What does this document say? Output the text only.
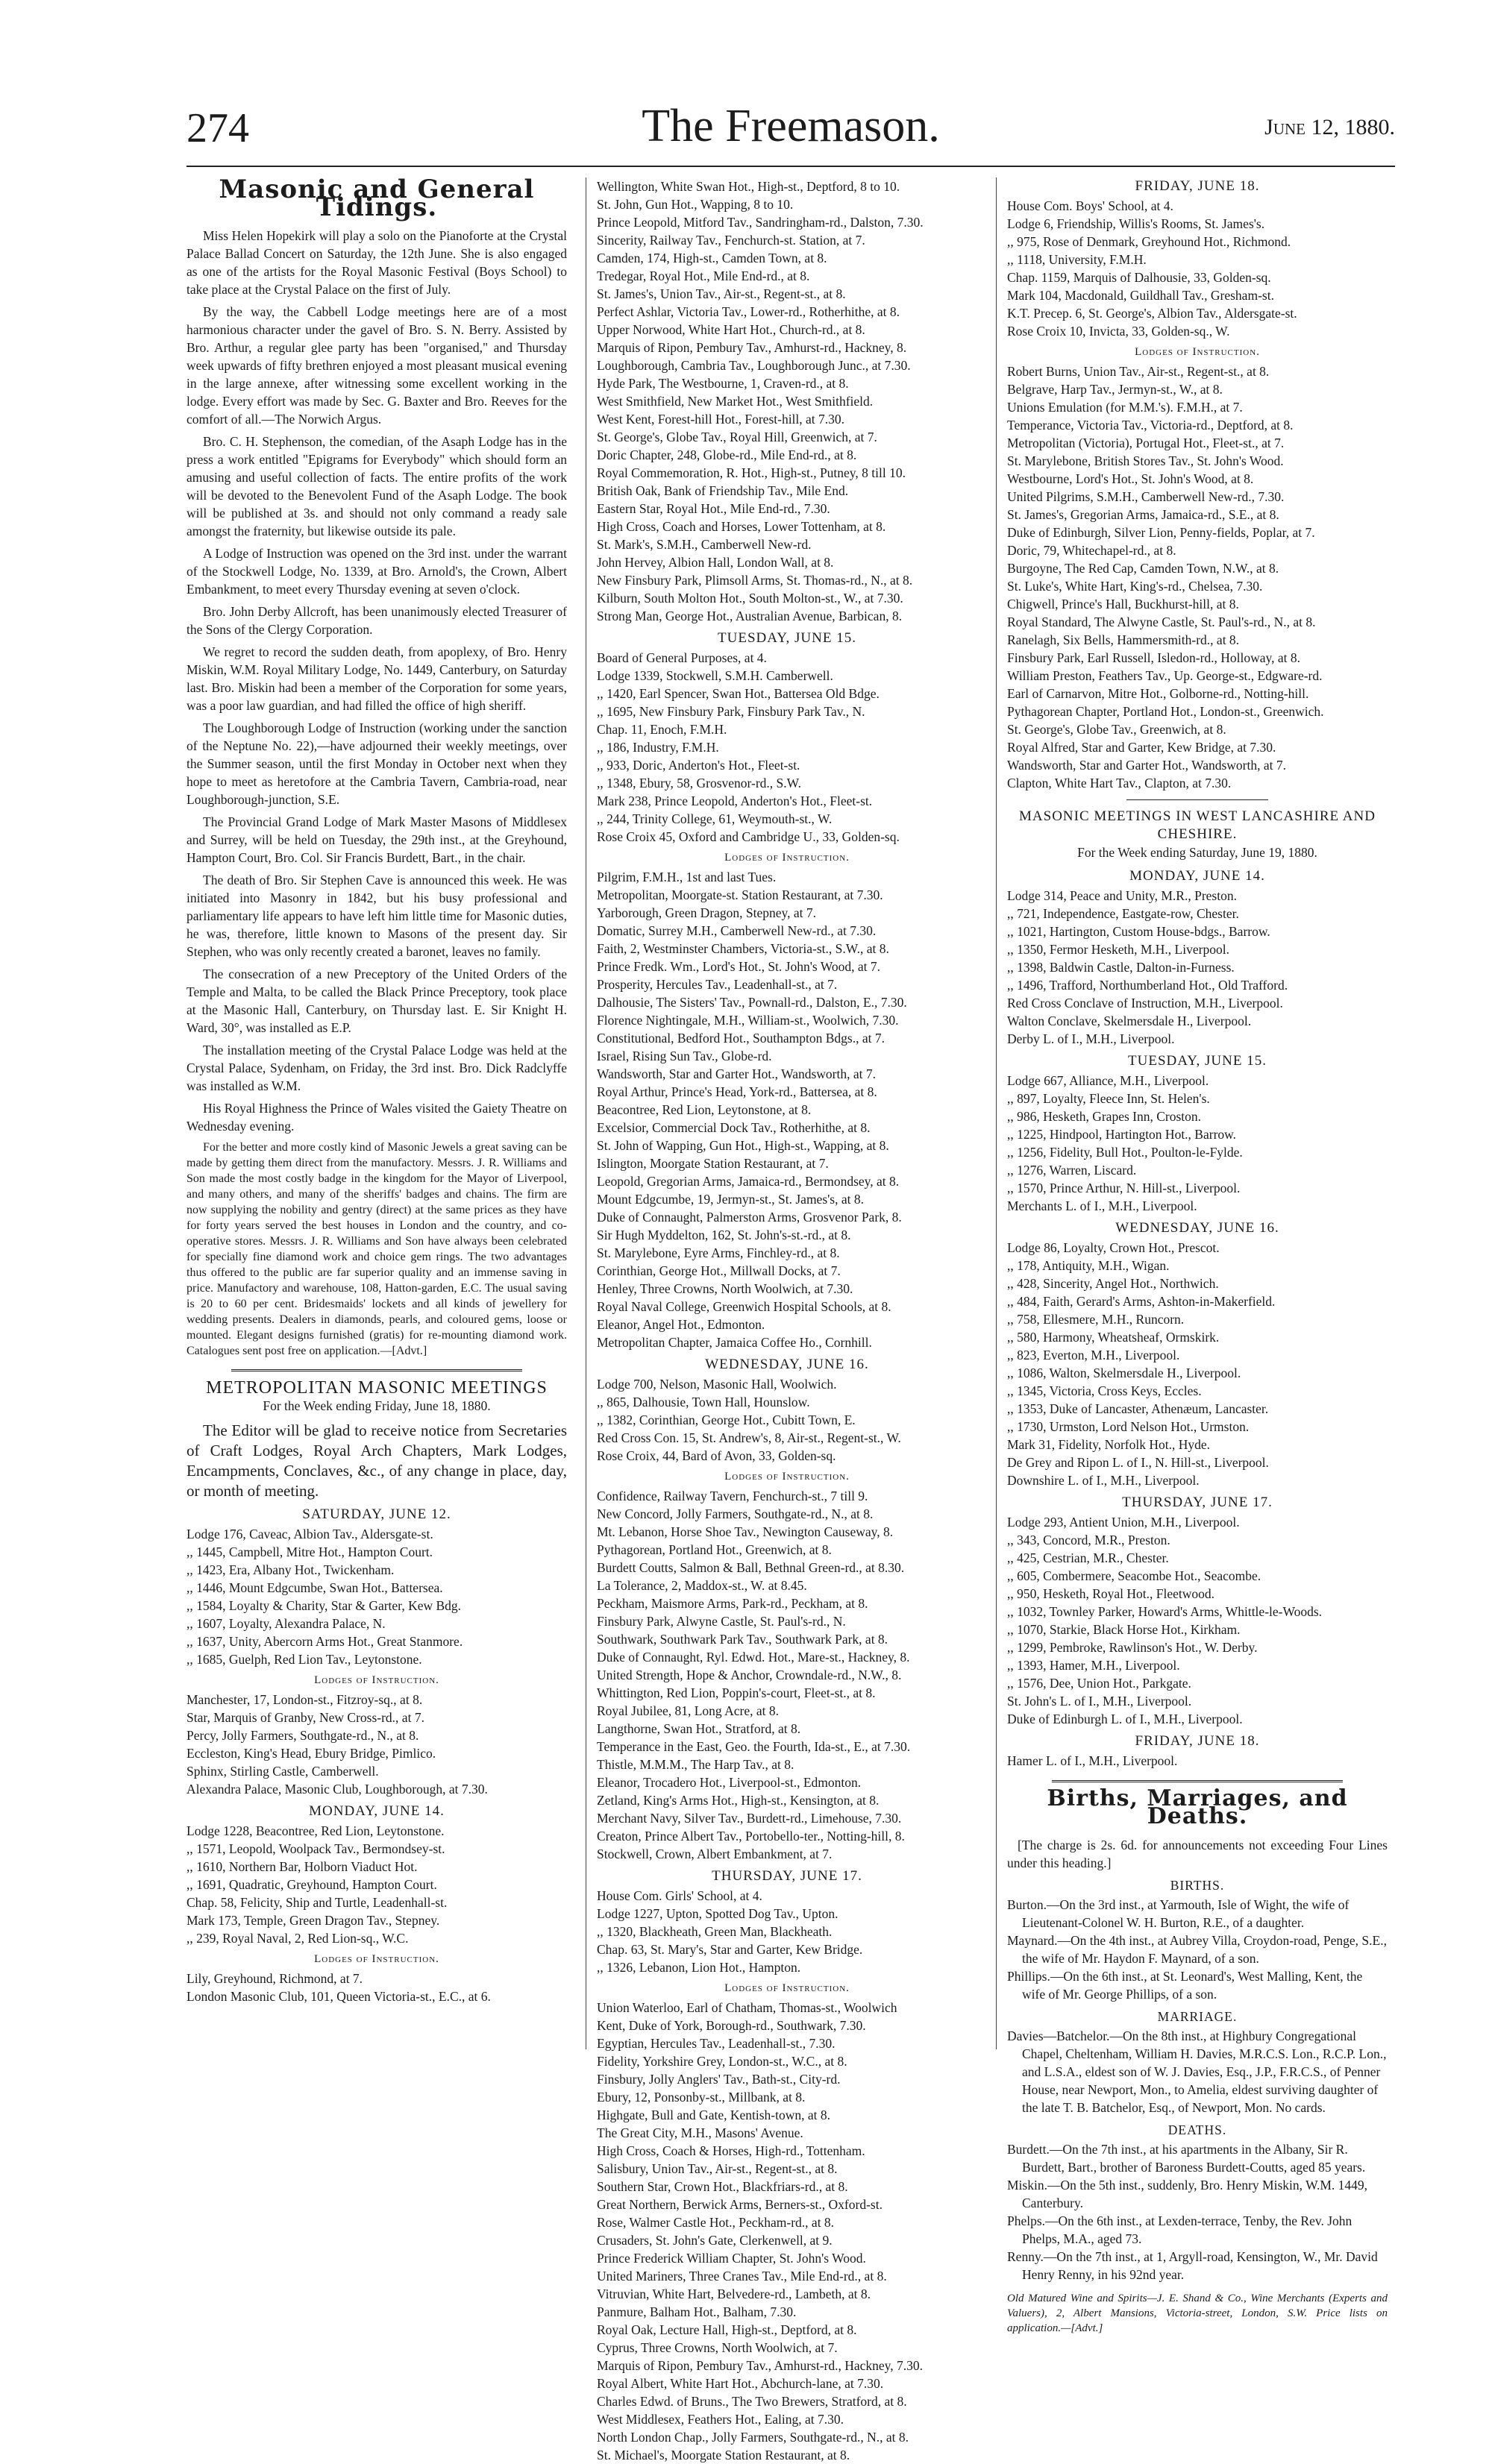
274	The Freemason.	June 12, 1880.
Masonic and General Tidings.

Miss Helen Hopekirk will play a solo on the Pianoforte at the Crystal Palace Ballad Concert on Saturday, the 12th June. She is also engaged as one of the artists for the Royal Masonic Festival (Boys School) to take place at the Crystal Palace on the first of July.

By the way, the Cabbell Lodge meetings here are of a most harmonious character under the gavel of Bro. S. N. Berry. Assisted by Bro. Arthur, a regular glee party has been "organised," and Thursday week upwards of fifty brethren enjoyed a most pleasant musical evening in the large annexe, after witnessing some excellent working in the lodge. Every effort was made by Sec. G. Baxter and Bro. Reeves for the comfort of all.—The Norwich Argus.

Bro. C. H. Stephenson, the comedian, of the Asaph Lodge has in the press a work entitled "Epigrams for Everybody" which should form an amusing and useful collection of facts. The entire profits of the work will be devoted to the Benevolent Fund of the Asaph Lodge. The book will be published at 3s. and should not only command a ready sale amongst the fraternity, but likewise outside its pale.

A Lodge of Instruction was opened on the 3rd inst. under the warrant of the Stockwell Lodge, No. 1339, at Bro. Arnold's, the Crown, Albert Embankment, to meet every Thursday evening at seven o'clock.

Bro. John Derby Allcroft, has been unanimously elected Treasurer of the Sons of the Clergy Corporation.

We regret to record the sudden death, from apoplexy, of Bro. Henry Miskin, W.M. Royal Military Lodge, No. 1449, Canterbury, on Saturday last. Bro. Miskin had been a member of the Corporation for some years, was a poor law guardian, and had filled the office of high sheriff.

The Loughborough Lodge of Instruction (working under the sanction of the Neptune No. 22),—have adjourned their weekly meetings, over the Summer season, until the first Monday in October next when they hope to meet as heretofore at the Cambria Tavern, Cambria-road, near Loughborough-junction, S.E.

The Provincial Grand Lodge of Mark Master Masons of Middlesex and Surrey, will be held on Tuesday, the 29th inst., at the Greyhound, Hampton Court, Bro. Col. Sir Francis Burdett, Bart., in the chair.

The death of Bro. Sir Stephen Cave is announced this week. He was initiated into Masonry in 1842, but his busy professional and parliamentary life appears to have left him little time for Masonic duties, he was, therefore, little known to Masons of the present day. Sir Stephen, who was only recently created a baronet, leaves no family.

The consecration of a new Preceptory of the United Orders of the Temple and Malta, to be called the Black Prince Preceptory, took place at the Masonic Hall, Canterbury, on Thursday last. E. Sir Knight H. Ward, 30°, was installed as E.P.

The installation meeting of the Crystal Palace Lodge was held at the Crystal Palace, Sydenham, on Friday, the 3rd inst. Bro. Dick Radclyffe was installed as W.M.

His Royal Highness the Prince of Wales visited the Gaiety Theatre on Wednesday evening.

For the better and more costly kind of Masonic Jewels a great saving can be made by getting them direct from the manufactory. Messrs. J. R. Williams and Son made the most costly badge in the kingdom for the Mayor of Liverpool, and many others, and many of the sheriffs' badges and chains. The firm are now supplying the nobility and gentry (direct) at the same prices as they have for forty years served the best houses in London and the country, and co-operative stores. Messrs. J. R. Williams and Son have always been celebrated for specially fine diamond work and choice gem rings. The two advantages thus offered to the public are far superior quality and an immense saving in price. Manufactory and warehouse, 108, Hatton-garden, E.C. The usual saving is 20 to 60 per cent. Bridesmaids' lockets and all kinds of jewellery for wedding presents. Dealers in diamonds, pearls, and coloured gems, loose or mounted. Elegant designs furnished (gratis) for re-mounting diamond work. Catalogues sent post free on application.—[Advt.]

METROPOLITAN MASONIC MEETINGS
For the Week ending Friday, June 18, 1880.

The Editor will be glad to receive notice from Secretaries of Craft Lodges, Royal Arch Chapters, Mark Lodges, Encampments, Conclaves, &c., of any change in place, day, or month of meeting.

SATURDAY, JUNE 12.

Lodge 176, Caveac, Albion Tav., Aldersgate-st.

,, 1445, Campbell, Mitre Hot., Hampton Court.

,, 1423, Era, Albany Hot., Twickenham.

,, 1446, Mount Edgcumbe, Swan Hot., Battersea.

,, 1584, Loyalty & Charity, Star & Garter, Kew Bdg.

,, 1607, Loyalty, Alexandra Palace, N.

,, 1637, Unity, Abercorn Arms Hot., Great Stanmore.

,, 1685, Guelph, Red Lion Tav., Leytonstone.

Lodges of Instruction.

Manchester, 17, London-st., Fitzroy-sq., at 8.

Star, Marquis of Granby, New Cross-rd., at 7.

Percy, Jolly Farmers, Southgate-rd., N., at 8.

Eccleston, King's Head, Ebury Bridge, Pimlico.

Sphinx, Stirling Castle, Camberwell.

Alexandra Palace, Masonic Club, Loughborough, at 7.30.

MONDAY, JUNE 14.

Lodge 1228, Beacontree, Red Lion, Leytonstone.

,, 1571, Leopold, Woolpack Tav., Bermondsey-st.

,, 1610, Northern Bar, Holborn Viaduct Hot.

,, 1691, Quadratic, Greyhound, Hampton Court.

Chap. 58, Felicity, Ship and Turtle, Leadenhall-st.

Mark 173, Temple, Green Dragon Tav., Stepney.

,, 239, Royal Naval, 2, Red Lion-sq., W.C.

Lodges of Instruction.

Lily, Greyhound, Richmond, at 7.

London Masonic Club, 101, Queen Victoria-st., E.C., at 6.

Wellington, White Swan Hot., High-st., Deptford, 8 to 10.

St. John, Gun Hot., Wapping, 8 to 10.

Prince Leopold, Mitford Tav., Sandringham-rd., Dalston, 7.30.

Sincerity, Railway Tav., Fenchurch-st. Station, at 7.

Camden, 174, High-st., Camden Town, at 8.

Tredegar, Royal Hot., Mile End-rd., at 8.

St. James's, Union Tav., Air-st., Regent-st., at 8.

Perfect Ashlar, Victoria Tav., Lower-rd., Rotherhithe, at 8.

Upper Norwood, White Hart Hot., Church-rd., at 8.

Marquis of Ripon, Pembury Tav., Amhurst-rd., Hackney, 8.

Loughborough, Cambria Tav., Loughborough Junc., at 7.30.

Hyde Park, The Westbourne, 1, Craven-rd., at 8.

West Smithfield, New Market Hot., West Smithfield.

West Kent, Forest-hill Hot., Forest-hill, at 7.30.

St. George's, Globe Tav., Royal Hill, Greenwich, at 7.

Doric Chapter, 248, Globe-rd., Mile End-rd., at 8.

Royal Commemoration, R. Hot., High-st., Putney, 8 till 10.

British Oak, Bank of Friendship Tav., Mile End.

Eastern Star, Royal Hot., Mile End-rd., 7.30.

High Cross, Coach and Horses, Lower Tottenham, at 8.

St. Mark's, S.M.H., Camberwell New-rd.

John Hervey, Albion Hall, London Wall, at 8.

New Finsbury Park, Plimsoll Arms, St. Thomas-rd., N., at 8.

Kilburn, South Molton Hot., South Molton-st., W., at 7.30.

Strong Man, George Hot., Australian Avenue, Barbican, 8.

TUESDAY, JUNE 15.

Board of General Purposes, at 4.

Lodge 1339, Stockwell, S.M.H. Camberwell.

,, 1420, Earl Spencer, Swan Hot., Battersea Old Bdge.

,, 1695, New Finsbury Park, Finsbury Park Tav., N.

Chap. 11, Enoch, F.M.H.

,, 186, Industry, F.M.H.

,, 933, Doric, Anderton's Hot., Fleet-st.

,, 1348, Ebury, 58, Grosvenor-rd., S.W.

Mark 238, Prince Leopold, Anderton's Hot., Fleet-st.

,, 244, Trinity College, 61, Weymouth-st., W.

Rose Croix 45, Oxford and Cambridge U., 33, Golden-sq.

Lodges of Instruction.

Pilgrim, F.M.H., 1st and last Tues.

Metropolitan, Moorgate-st. Station Restaurant, at 7.30.

Yarborough, Green Dragon, Stepney, at 7.

Domatic, Surrey M.H., Camberwell New-rd., at 7.30.

Faith, 2, Westminster Chambers, Victoria-st., S.W., at 8.

Prince Fredk. Wm., Lord's Hot., St. John's Wood, at 7.

Prosperity, Hercules Tav., Leadenhall-st., at 7.

Dalhousie, The Sisters' Tav., Pownall-rd., Dalston, E., 7.30.

Florence Nightingale, M.H., William-st., Woolwich, 7.30.

Constitutional, Bedford Hot., Southampton Bdgs., at 7.

Israel, Rising Sun Tav., Globe-rd.

Wandsworth, Star and Garter Hot., Wandsworth, at 7.

Royal Arthur, Prince's Head, York-rd., Battersea, at 8.

Beacontree, Red Lion, Leytonstone, at 8.

Excelsior, Commercial Dock Tav., Rotherhithe, at 8.

St. John of Wapping, Gun Hot., High-st., Wapping, at 8.

Islington, Moorgate Station Restaurant, at 7.

Leopold, Gregorian Arms, Jamaica-rd., Bermondsey, at 8.

Mount Edgcumbe, 19, Jermyn-st., St. James's, at 8.

Duke of Connaught, Palmerston Arms, Grosvenor Park, 8.

Sir Hugh Myddelton, 162, St. John's-st.-rd., at 8.

St. Marylebone, Eyre Arms, Finchley-rd., at 8.

Corinthian, George Hot., Millwall Docks, at 7.

Henley, Three Crowns, North Woolwich, at 7.30.

Royal Naval College, Greenwich Hospital Schools, at 8.

Eleanor, Angel Hot., Edmonton.

Metropolitan Chapter, Jamaica Coffee Ho., Cornhill.

WEDNESDAY, JUNE 16.

Lodge 700, Nelson, Masonic Hall, Woolwich.

,, 865, Dalhousie, Town Hall, Hounslow.

,, 1382, Corinthian, George Hot., Cubitt Town, E.

Red Cross Con. 15, St. Andrew's, 8, Air-st., Regent-st., W.

Rose Croix, 44, Bard of Avon, 33, Golden-sq.

Lodges of Instruction.

Confidence, Railway Tavern, Fenchurch-st., 7 till 9.

New Concord, Jolly Farmers, Southgate-rd., N., at 8.

Mt. Lebanon, Horse Shoe Tav., Newington Causeway, 8.

Pythagorean, Portland Hot., Greenwich, at 8.

Burdett Coutts, Salmon & Ball, Bethnal Green-rd., at 8.30.

La Tolerance, 2, Maddox-st., W. at 8.45.

Peckham, Maismore Arms, Park-rd., Peckham, at 8.

Finsbury Park, Alwyne Castle, St. Paul's-rd., N.

Southwark, Southwark Park Tav., Southwark Park, at 8.

Duke of Connaught, Ryl. Edwd. Hot., Mare-st., Hackney, 8.

United Strength, Hope & Anchor, Crowndale-rd., N.W., 8.

Whittington, Red Lion, Poppin's-court, Fleet-st., at 8.

Royal Jubilee, 81, Long Acre, at 8.

Langthorne, Swan Hot., Stratford, at 8.

Temperance in the East, Geo. the Fourth, Ida-st., E., at 7.30.

Thistle, M.M.M., The Harp Tav., at 8.

Eleanor, Trocadero Hot., Liverpool-st., Edmonton.

Zetland, King's Arms Hot., High-st., Kensington, at 8.

Merchant Navy, Silver Tav., Burdett-rd., Limehouse, 7.30.

Creaton, Prince Albert Tav., Portobello-ter., Notting-hill, 8.

Stockwell, Crown, Albert Embankment, at 7.

THURSDAY, JUNE 17.

House Com. Girls' School, at 4.

Lodge 1227, Upton, Spotted Dog Tav., Upton.

,, 1320, Blackheath, Green Man, Blackheath.

Chap. 63, St. Mary's, Star and Garter, Kew Bridge.

,, 1326, Lebanon, Lion Hot., Hampton.

Lodges of Instruction.

Union Waterloo, Earl of Chatham, Thomas-st., Woolwich

Kent, Duke of York, Borough-rd., Southwark, 7.30.

Egyptian, Hercules Tav., Leadenhall-st., 7.30.

Fidelity, Yorkshire Grey, London-st., W.C., at 8.

Finsbury, Jolly Anglers' Tav., Bath-st., City-rd.

Ebury, 12, Ponsonby-st., Millbank, at 8.

Highgate, Bull and Gate, Kentish-town, at 8.

The Great City, M.H., Masons' Avenue.

High Cross, Coach & Horses, High-rd., Tottenham.

Salisbury, Union Tav., Air-st., Regent-st., at 8.

Southern Star, Crown Hot., Blackfriars-rd., at 8.

Great Northern, Berwick Arms, Berners-st., Oxford-st.

Rose, Walmer Castle Hot., Peckham-rd., at 8.

Crusaders, St. John's Gate, Clerkenwell, at 9.

Prince Frederick William Chapter, St. John's Wood.

United Mariners, Three Cranes Tav., Mile End-rd., at 8.

Vitruvian, White Hart, Belvedere-rd., Lambeth, at 8.

Panmure, Balham Hot., Balham, 7.30.

Royal Oak, Lecture Hall, High-st., Deptford, at 8.

Cyprus, Three Crowns, North Woolwich, at 7.

Marquis of Ripon, Pembury Tav., Amhurst-rd., Hackney, 7.30.

Royal Albert, White Hart Hot., Abchurch-lane, at 7.30.

Charles Edwd. of Bruns., The Two Brewers, Stratford, at 8.

West Middlesex, Feathers Hot., Ealing, at 7.30.

North London Chap., Jolly Farmers, Southgate-rd., N., at 8.

St. Michael's, Moorgate Station Restaurant, at 8.

FRIDAY, JUNE 18.

House Com. Boys' School, at 4.

Lodge 6, Friendship, Willis's Rooms, St. James's.

,, 975, Rose of Denmark, Greyhound Hot., Richmond.

,, 1118, University, F.M.H.

Chap. 1159, Marquis of Dalhousie, 33, Golden-sq.

Mark 104, Macdonald, Guildhall Tav., Gresham-st.

K.T. Precep. 6, St. George's, Albion Tav., Aldersgate-st.

Rose Croix 10, Invicta, 33, Golden-sq., W.

Lodges of Instruction.

Robert Burns, Union Tav., Air-st., Regent-st., at 8.

Belgrave, Harp Tav., Jermyn-st., W., at 8.

Unions Emulation (for M.M.'s). F.M.H., at 7.

Temperance, Victoria Tav., Victoria-rd., Deptford, at 8.

Metropolitan (Victoria), Portugal Hot., Fleet-st., at 7.

St. Marylebone, British Stores Tav., St. John's Wood.

Westbourne, Lord's Hot., St. John's Wood, at 8.

United Pilgrims, S.M.H., Camberwell New-rd., 7.30.

St. James's, Gregorian Arms, Jamaica-rd., S.E., at 8.

Duke of Edinburgh, Silver Lion, Penny-fields, Poplar, at 7.

Doric, 79, Whitechapel-rd., at 8.

Burgoyne, The Red Cap, Camden Town, N.W., at 8.

St. Luke's, White Hart, King's-rd., Chelsea, 7.30.

Chigwell, Prince's Hall, Buckhurst-hill, at 8.

Royal Standard, The Alwyne Castle, St. Paul's-rd., N., at 8.

Ranelagh, Six Bells, Hammersmith-rd., at 8.

Finsbury Park, Earl Russell, Isledon-rd., Holloway, at 8.

William Preston, Feathers Tav., Up. George-st., Edgware-rd.

Earl of Carnarvon, Mitre Hot., Golborne-rd., Notting-hill.

Pythagorean Chapter, Portland Hot., London-st., Greenwich.

St. George's, Globe Tav., Greenwich, at 8.

Royal Alfred, Star and Garter, Kew Bridge, at 7.30.

Wandsworth, Star and Garter Hot., Wandsworth, at 7.

Clapton, White Hart Tav., Clapton, at 7.30.

MASONIC MEETINGS IN WEST LANCASHIRE AND CHESHIRE.
For the Week ending Saturday, June 19, 1880.
MONDAY, JUNE 14.

Lodge 314, Peace and Unity, M.R., Preston.

,, 721, Independence, Eastgate-row, Chester.

,, 1021, Hartington, Custom House-bdgs., Barrow.

,, 1350, Fermor Hesketh, M.H., Liverpool.

,, 1398, Baldwin Castle, Dalton-in-Furness.

,, 1496, Trafford, Northumberland Hot., Old Trafford.

Red Cross Conclave of Instruction, M.H., Liverpool.

Walton Conclave, Skelmersdale H., Liverpool.

Derby L. of I., M.H., Liverpool.

TUESDAY, JUNE 15.

Lodge 667, Alliance, M.H., Liverpool.

,, 897, Loyalty, Fleece Inn, St. Helen's.

,, 986, Hesketh, Grapes Inn, Croston.

,, 1225, Hindpool, Hartington Hot., Barrow.

,, 1256, Fidelity, Bull Hot., Poulton-le-Fylde.

,, 1276, Warren, Liscard.

,, 1570, Prince Arthur, N. Hill-st., Liverpool.

Merchants L. of I., M.H., Liverpool.

WEDNESDAY, JUNE 16.

Lodge 86, Loyalty, Crown Hot., Prescot.

,, 178, Antiquity, M.H., Wigan.

,, 428, Sincerity, Angel Hot., Northwich.

,, 484, Faith, Gerard's Arms, Ashton-in-Makerfield.

,, 758, Ellesmere, M.H., Runcorn.

,, 580, Harmony, Wheatsheaf, Ormskirk.

,, 823, Everton, M.H., Liverpool.

,, 1086, Walton, Skelmersdale H., Liverpool.

,, 1345, Victoria, Cross Keys, Eccles.

,, 1353, Duke of Lancaster, Athenæum, Lancaster.

,, 1730, Urmston, Lord Nelson Hot., Urmston.

Mark 31, Fidelity, Norfolk Hot., Hyde.

De Grey and Ripon L. of I., N. Hill-st., Liverpool.

Downshire L. of I., M.H., Liverpool.

THURSDAY, JUNE 17.

Lodge 293, Antient Union, M.H., Liverpool.

,, 343, Concord, M.R., Preston.

,, 425, Cestrian, M.R., Chester.

,, 605, Combermere, Seacombe Hot., Seacombe.

,, 950, Hesketh, Royal Hot., Fleetwood.

,, 1032, Townley Parker, Howard's Arms, Whittle-le-Woods.

,, 1070, Starkie, Black Horse Hot., Kirkham.

,, 1299, Pembroke, Rawlinson's Hot., W. Derby.

,, 1393, Hamer, M.H., Liverpool.

,, 1576, Dee, Union Hot., Parkgate.

St. John's L. of I., M.H., Liverpool.

Duke of Edinburgh L. of I., M.H., Liverpool.

FRIDAY, JUNE 18.

Hamer L. of I., M.H., Liverpool.

Births, Marriages, and Deaths.

[The charge is 2s. 6d. for announcements not exceeding Four Lines under this heading.]

BIRTHS.

Burton.—On the 3rd inst., at Yarmouth, Isle of Wight, the wife of Lieutenant-Colonel W. H. Burton, R.E., of a daughter.

Maynard.—On the 4th inst., at Aubrey Villa, Croydon-road, Penge, S.E., the wife of Mr. Haydon F. Maynard, of a son.

Phillips.—On the 6th inst., at St. Leonard's, West Malling, Kent, the wife of Mr. George Phillips, of a son.

MARRIAGE.

Davies—Batchelor.—On the 8th inst., at Highbury Congregational Chapel, Cheltenham, William H. Davies, M.R.C.S. Lon., R.C.P. Lon., and L.S.A., eldest son of W. J. Davies, Esq., J.P., F.R.C.S., of Penner House, near Newport, Mon., to Amelia, eldest surviving daughter of the late T. B. Batchelor, Esq., of Newport, Mon. No cards.

DEATHS.

Burdett.—On the 7th inst., at his apartments in the Albany, Sir R. Burdett, Bart., brother of Baroness Burdett-Coutts, aged 85 years.

Miskin.—On the 5th inst., suddenly, Bro. Henry Miskin, W.M. 1449, Canterbury.

Phelps.—On the 6th inst., at Lexden-terrace, Tenby, the Rev. John Phelps, M.A., aged 73.

Renny.—On the 7th inst., at 1, Argyll-road, Kensington, W., Mr. David Henry Renny, in his 92nd year.

Old Matured Wine and Spirits—J. E. Shand & Co., Wine Merchants (Experts and Valuers), 2, Albert Mansions, Victoria-street, London, S.W. Price lists on application.—[Advt.]
